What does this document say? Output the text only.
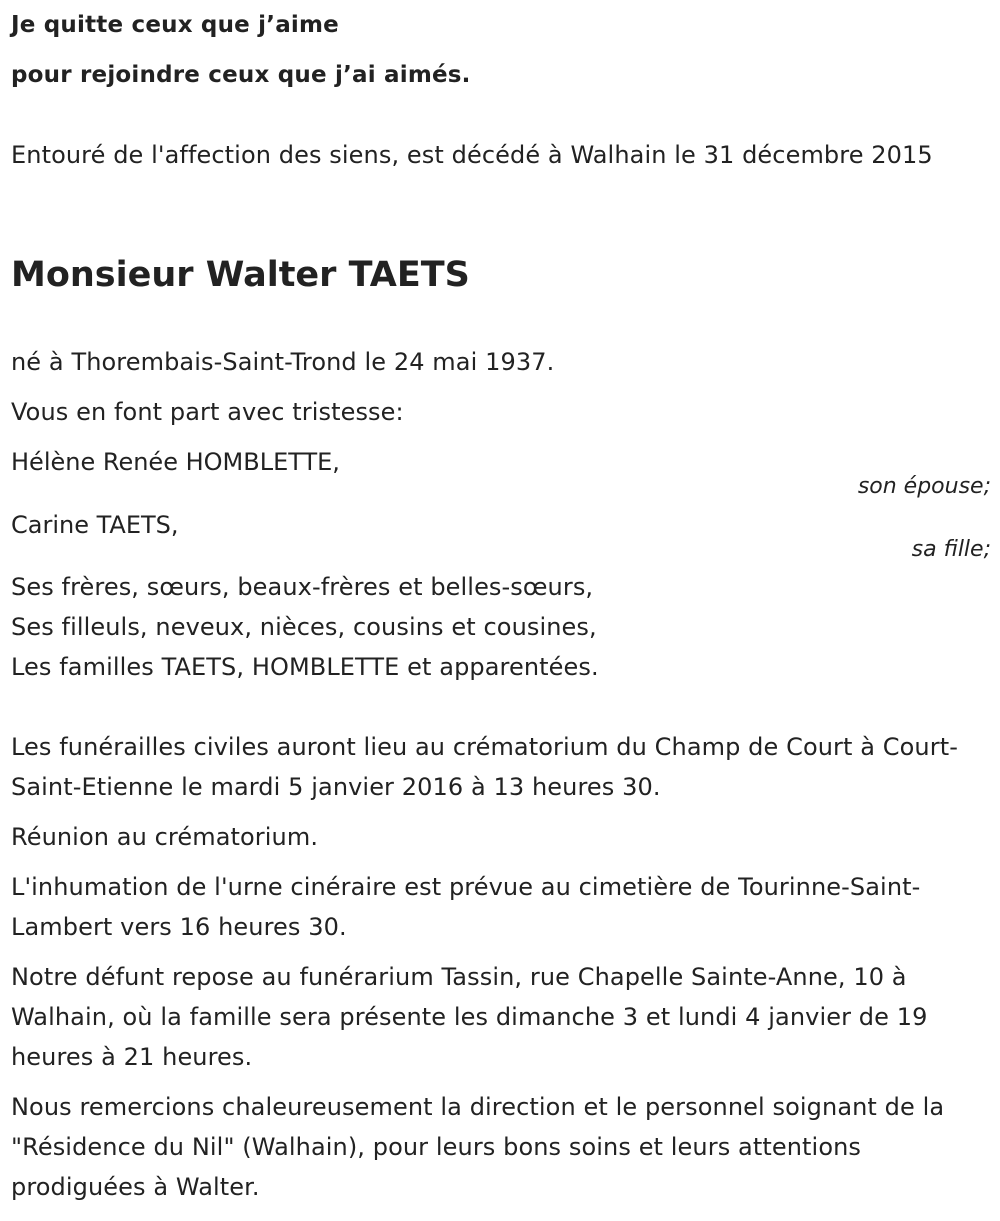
Je quitte ceux que j’aime

pour rejoindre ceux que j’ai aimés.

Entouré de l'affection des siens, est décédé à Walhain le 31 décembre 2015

Monsieur Walter TAETS

né à Thorembais-Saint-Trond le 24 mai 1937.

Vous en font part avec tristesse:

Hélène Renée HOMBLETTE,
son épouse;
Carine TAETS,
sa fille;
Ses frères, sœurs, beaux-frères et belles-sœurs,
Ses filleuls, neveux, nièces, cousins et cousines,
Les familles TAETS, HOMBLETTE et apparentées.

Les funérailles civiles auront lieu au crématorium du Champ de Court à Court-Saint-Etienne le mardi 5 janvier 2016 à 13 heures 30.

Réunion au crématorium.

L'inhumation de l'urne cinéraire est prévue au cimetière de Tourinne-Saint-Lambert vers 16 heures 30.

Notre défunt repose au funérarium Tassin, rue Chapelle Sainte-Anne, 10 à Walhain, où la famille sera présente les dimanche 3 et lundi 4 janvier de 19 heures à 21 heures.

Nous remercions chaleureusement la direction et le personnel soignant de la "Résidence du Nil" (Walhain), pour leurs bons soins et leurs attentions prodiguées à Walter.
